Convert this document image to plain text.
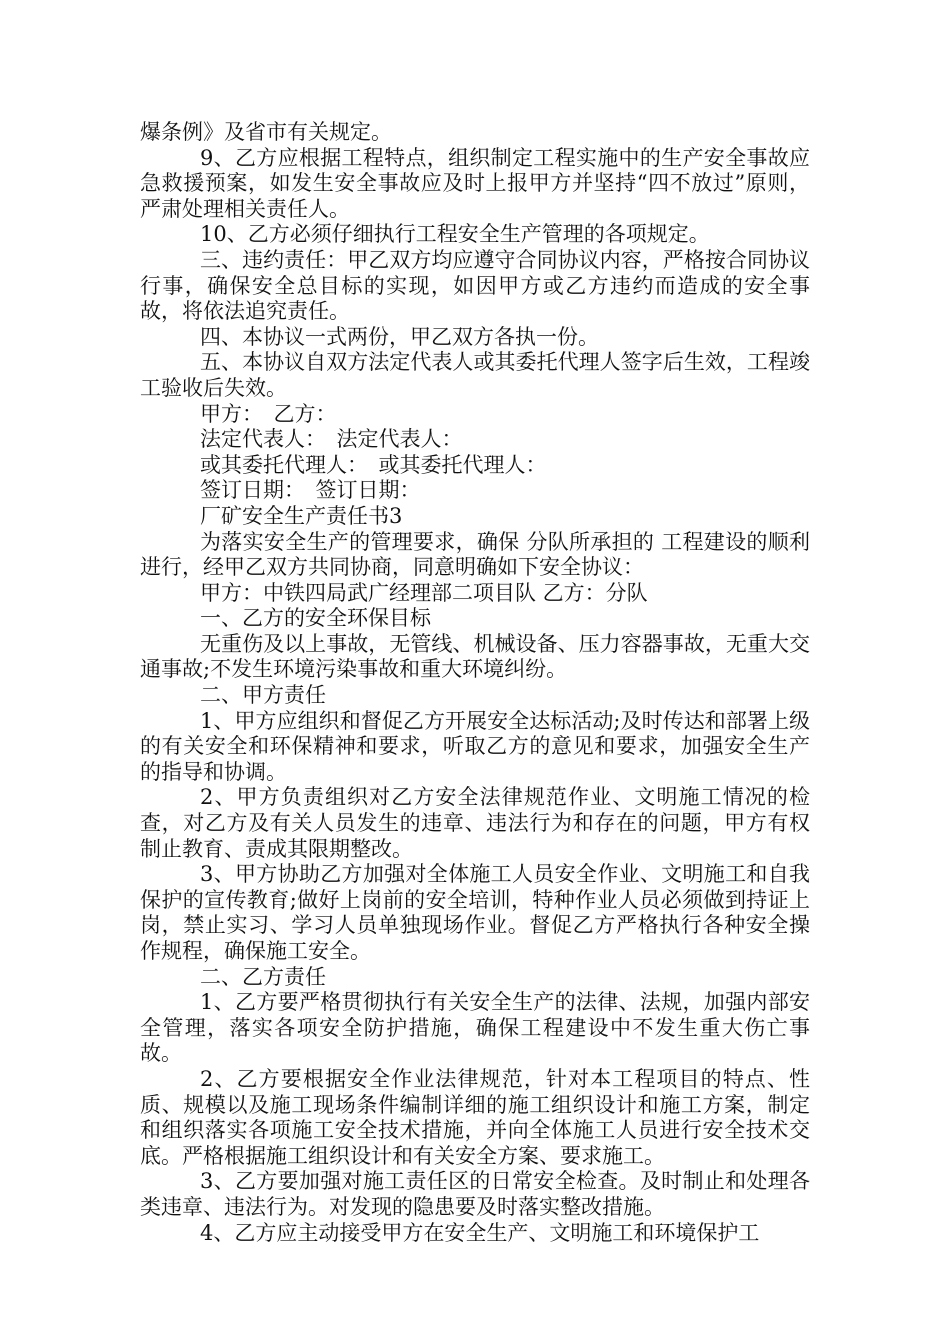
爆条例》及省市有关规定。

9、乙方应根据工程特点，组织制定工程实施中的生产安全事故应急救援预案，如发生安全事故应及时上报甲方并坚持“四不放过”原则，严肃处理相关责任人。

10、乙方必须仔细执行工程安全生产管理的各项规定。

三、违约责任：甲乙双方均应遵守合同协议内容，严格按合同协议行事，确保安全总目标的实现，如因甲方或乙方违约而造成的安全事故，将依法追究责任。

四、本协议一式两份，甲乙双方各执一份。

五、本协议自双方法定代表人或其委托代理人签字后生效，工程竣工验收后失效。

甲方：　乙方：

法定代表人：　法定代表人：

或其委托代理人：　或其委托代理人：

签订日期：　签订日期：

厂矿安全生产责任书3

为落实安全生产的管理要求，确保 分队所承担的 工程建设的顺利进行，经甲乙双方共同协商，同意明确如下安全协议：

甲方：中铁四局武广经理部二项目队 乙方：分队

一、乙方的安全环保目标

无重伤及以上事故，无管线、机械设备、压力容器事故，无重大交通事故;不发生环境污染事故和重大环境纠纷。

二、甲方责任

1、甲方应组织和督促乙方开展安全达标活动;及时传达和部署上级的有关安全和环保精神和要求，听取乙方的意见和要求，加强安全生产的指导和协调。

2、甲方负责组织对乙方安全法律规范作业、文明施工情况的检查，对乙方及有关人员发生的违章、违法行为和存在的问题，甲方有权制止教育、责成其限期整改。

3、甲方协助乙方加强对全体施工人员安全作业、文明施工和自我保护的宣传教育;做好上岗前的安全培训，特种作业人员必须做到持证上岗，禁止实习、学习人员单独现场作业。督促乙方严格执行各种安全操作规程，确保施工安全。

二、乙方责任

1、乙方要严格贯彻执行有关安全生产的法律、法规，加强内部安全管理，落实各项安全防护措施，确保工程建设中不发生重大伤亡事故。

2、乙方要根据安全作业法律规范，针对本工程项目的特点、性质、规模以及施工现场条件编制详细的施工组织设计和施工方案，制定和组织落实各项施工安全技术措施，并向全体施工人员进行安全技术交底。严格根据施工组织设计和有关安全方案、要求施工。

3、乙方要加强对施工责任区的日常安全检查。及时制止和处理各类违章、违法行为。对发现的隐患要及时落实整改措施。

4、乙方应主动接受甲方在安全生产、文明施工和环境保护工
